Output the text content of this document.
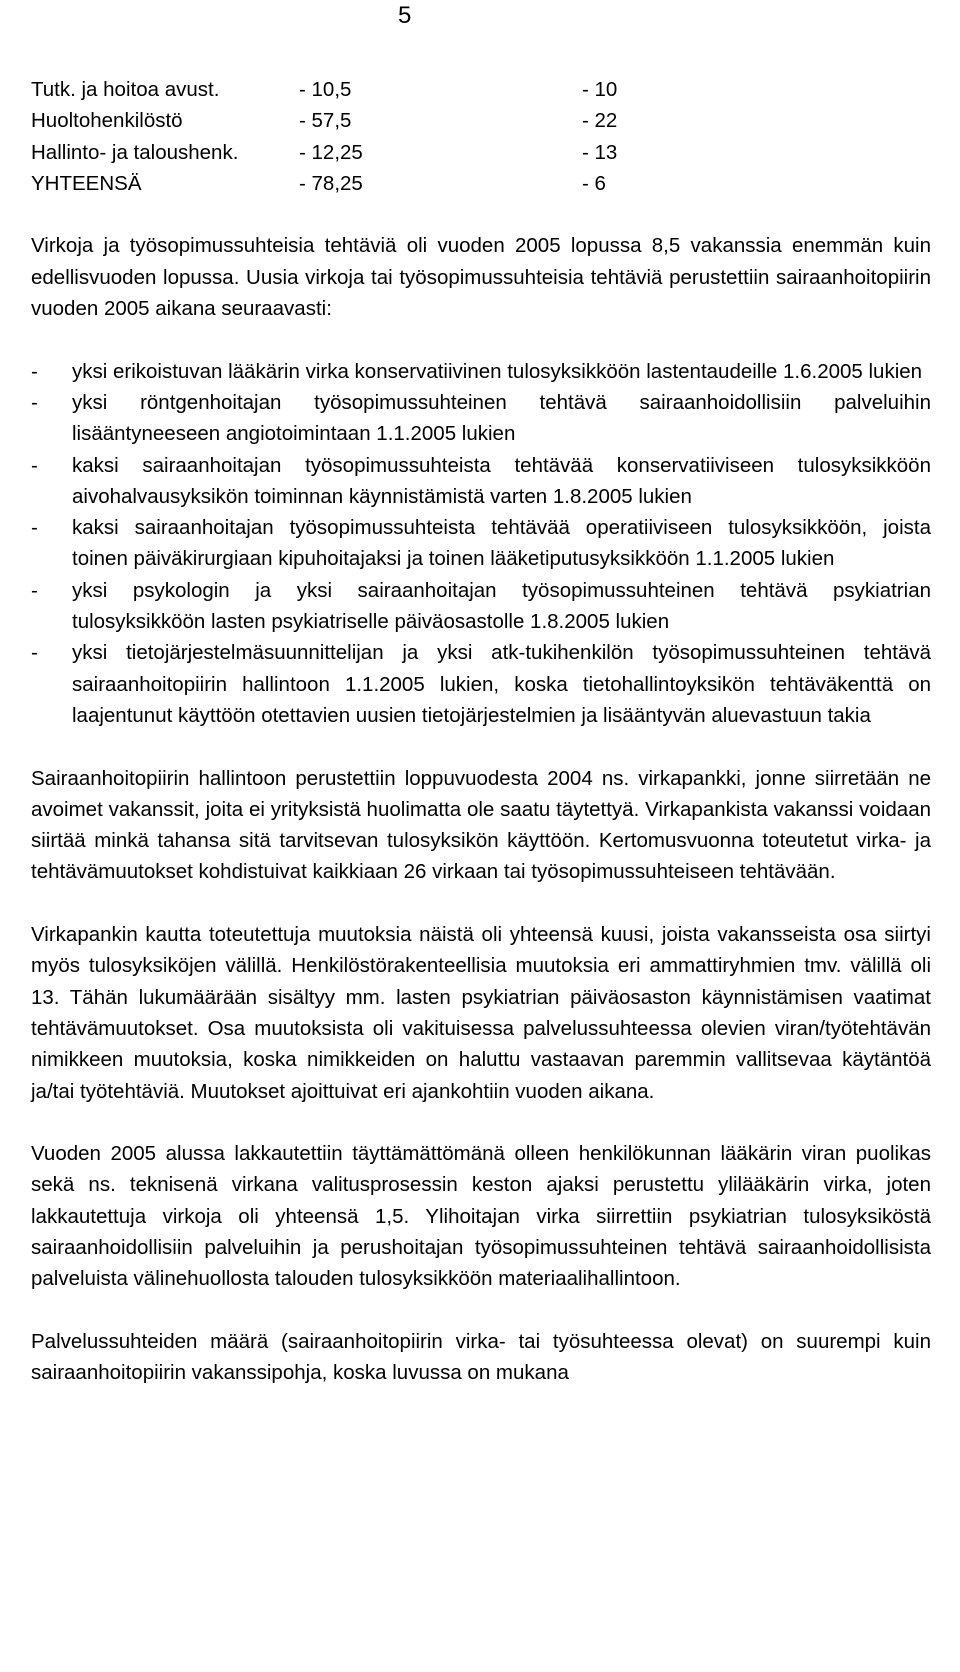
5
Tutk. ja hoitoa avust.	- 10,5	- 10
Huoltohenkilöstö	- 57,5	- 22
Hallinto- ja taloushenk.	- 12,25	- 13
YHTEENSÄ	- 78,25	- 6

Virkoja ja työsopimussuhteisia tehtäviä oli vuoden 2005 lopussa 8,5 vakanssia enemmän kuin edellisvuoden lopussa. Uusia virkoja tai työsopimussuhteisia tehtäviä perustettiin sairaanhoitopiirin vuoden 2005 aikana seuraavasti:

-	yksi erikoistuvan lääkärin virka konservatiivinen tulosyksikköön lastentaudeille 1.6.2005 lukien
-	yksi röntgenhoitajan työsopimussuhteinen tehtävä sairaanhoidollisiin palveluihin lisääntyneeseen angiotoimintaan 1.1.2005 lukien
-	kaksi sairaanhoitajan työsopimussuhteista tehtävää konservatiiviseen tulosyksikköön aivohalvausyksikön toiminnan käynnistämistä varten 1.8.2005 lukien
-	kaksi sairaanhoitajan työsopimussuhteista tehtävää operatiiviseen tulosyksikköön, joista toinen päiväkirurgiaan kipuhoitajaksi ja toinen lääketiputusyksikköön 1.1.2005 lukien
-	yksi psykologin ja yksi sairaanhoitajan työsopimussuhteinen tehtävä psykiatrian tulosyksikköön lasten psykiatriselle päiväosastolle 1.8.2005 lukien
-	yksi tietojärjestelmäsuunnittelijan ja yksi atk-tukihenkilön työsopimussuhteinen tehtävä sairaanhoitopiirin hallintoon 1.1.2005 lukien, koska tietohallintoyksikön tehtäväkenttä on laajentunut käyttöön otettavien uusien tietojärjestelmien ja lisääntyvän aluevastuun takia

Sairaanhoitopiirin hallintoon perustettiin loppuvuodesta 2004 ns. virkapankki, jonne siirretään ne avoimet vakanssit, joita ei yrityksistä huolimatta ole saatu täytettyä. Virkapankista vakanssi voidaan siirtää minkä tahansa sitä tarvitsevan tulosyksikön käyttöön. Kertomusvuonna toteutetut virka- ja tehtävämuutokset kohdistuivat kaikkiaan 26 virkaan tai työsopimussuhteiseen tehtävään.

Virkapankin kautta toteutettuja muutoksia näistä oli yhteensä kuusi, joista vakansseista osa siirtyi myös tulosyksiköjen välillä. Henkilöstörakenteellisia muutoksia eri ammattiryhmien tmv. välillä oli 13. Tähän lukumäärään sisältyy mm. lasten psykiatrian päiväosaston käynnistämisen vaatimat tehtävämuutokset. Osa muutoksista oli vakituisessa palvelussuhteessa olevien viran/työtehtävän nimikkeen muutoksia, koska nimikkeiden on haluttu vastaavan paremmin vallitsevaa käytäntöä ja/tai työtehtäviä. Muutokset ajoittuivat eri ajankohtiin vuoden aikana.

Vuoden 2005 alussa lakkautettiin täyttämättömänä olleen henkilökunnan lääkärin viran puolikas sekä ns. teknisenä virkana valitusprosessin keston ajaksi perustettu ylilääkärin virka, joten lakkautettuja virkoja oli yhteensä 1,5. Ylihoitajan virka siirrettiin psykiatrian tulosyksiköstä sairaanhoidollisiin palveluihin ja perushoitajan työsopimussuhteinen tehtävä sairaanhoidollisista palveluista välinehuollosta talouden tulosyksikköön materiaalihallintoon.

Palvelussuhteiden määrä (sairaanhoitopiirin virka- tai työsuhteessa olevat) on suurempi kuin sairaanhoitopiirin vakanssipohja, koska luvussa on mukana
